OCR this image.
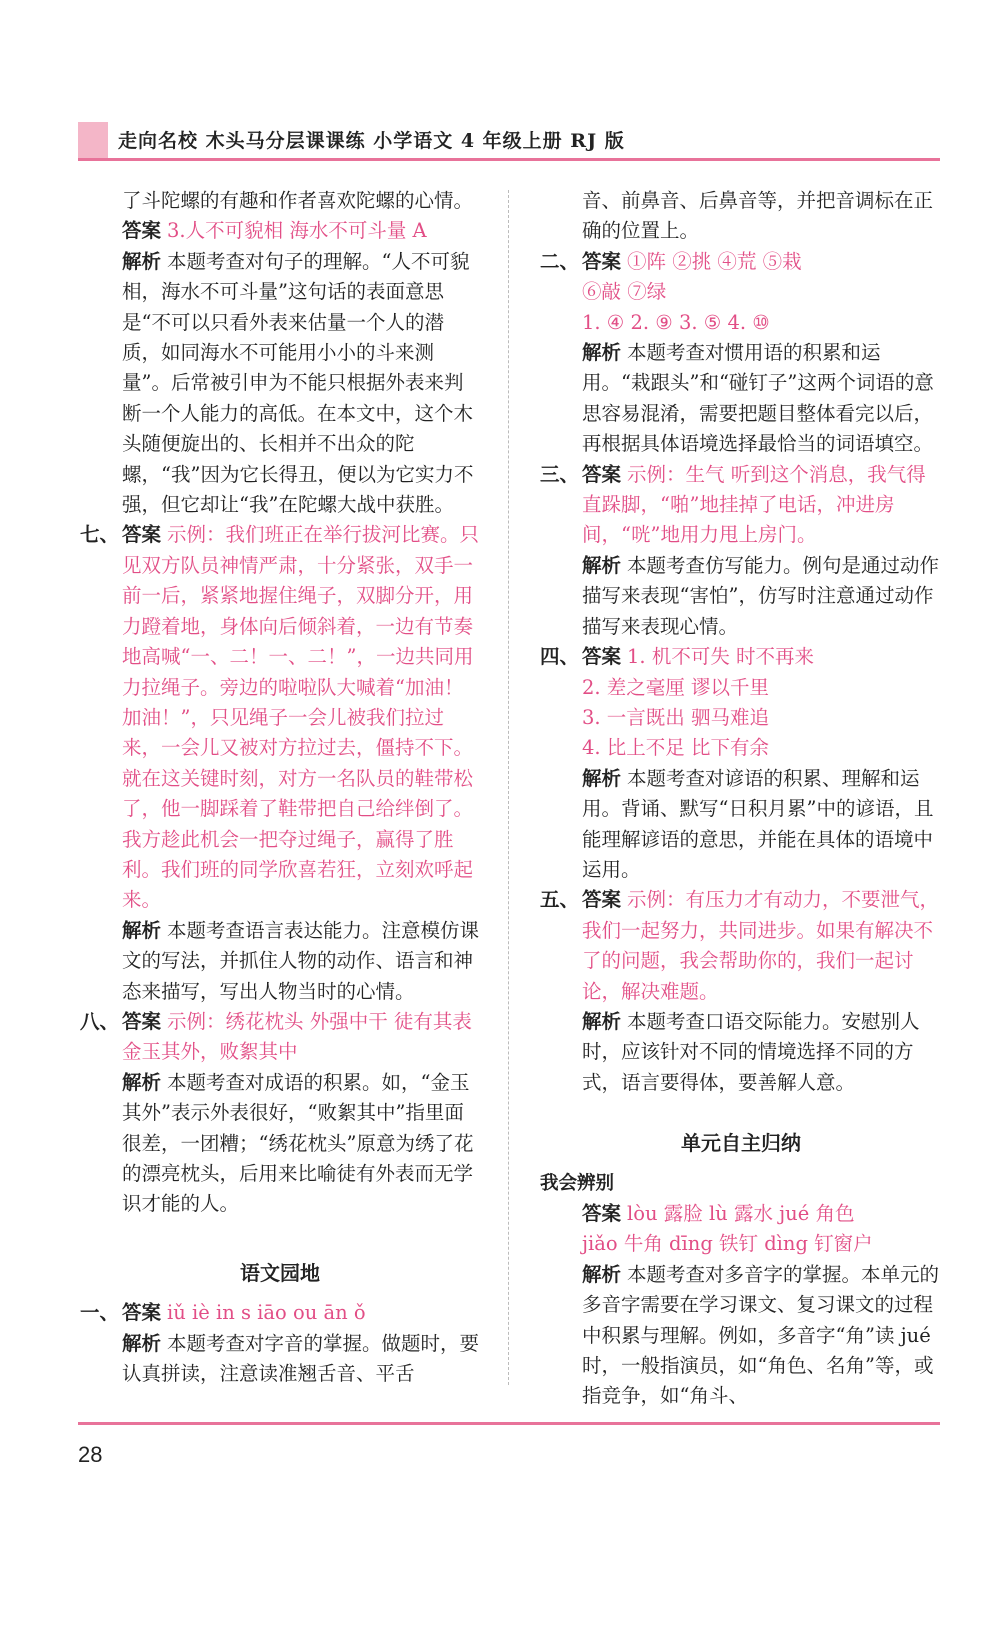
走向名校 木头马分层课课练 小学语文 4 年级上册 RJ 版

了斗陀螺的有趣和作者喜欢陀螺的心情。

答案 3.人不可貌相 海水不可斗量 A

解析 本题考查对句子的理解。“人不可貌相，海水不可斗量”这句话的表面意思是“不可以只看外表来估量一个人的潜质，如同海水不可能用小小的斗来测量”。后常被引申为不能只根据外表来判断一个人能力的高低。在本文中，这个木头随便旋出的、长相并不出众的陀螺，“我”因为它长得丑，便以为它实力不强，但它却让“我”在陀螺大战中获胜。

七、 答案 示例：我们班正在举行拔河比赛。只见双方队员神情严肃，十分紧张，双手一前一后，紧紧地握住绳子，双脚分开，用力蹬着地，身体向后倾斜着，一边有节奏地高喊“一、二！一、二！”，一边共同用力拉绳子。旁边的啦啦队大喊着“加油！加油！”，只见绳子一会儿被我们拉过来，一会儿又被对方拉过去，僵持不下。就在这关键时刻，对方一名队员的鞋带松了，他一脚踩着了鞋带把自己给绊倒了。我方趁此机会一把夺过绳子，赢得了胜利。我们班的同学欣喜若狂，立刻欢呼起来。

解析 本题考查语言表达能力。注意模仿课文的写法，并抓住人物的动作、语言和神态来描写，写出人物当时的心情。

八、 答案 示例：绣花枕头 外强中干 徒有其表 金玉其外，败絮其中

解析 本题考查对成语的积累。如，“金玉其外”表示外表很好，“败絮其中”指里面很差，一团糟；“绣花枕头”原意为绣了花的漂亮枕头，后用来比喻徒有外表而无学识才能的人。

语文园地

一、 答案 iǔ iè in s iāo ou ān ǒ

解析 本题考查对字音的掌握。做题时，要认真拼读，注意读准翘舌音、平舌

音、前鼻音、后鼻音等，并把音调标在正确的位置上。

二、 答案 ①阵 ②挑 ④荒 ⑤栽

⑥敲 ⑦绿

1. ④ 2. ⑨ 3. ⑤ 4. ⑩

解析 本题考查对惯用语的积累和运用。“栽跟头”和“碰钉子”这两个词语的意思容易混淆，需要把题目整体看完以后，再根据具体语境选择最恰当的词语填空。

三、 答案 示例：生气 听到这个消息，我气得直跺脚，“啪”地挂掉了电话，冲进房间，“咣”地用力甩上房门。

解析 本题考查仿写能力。例句是通过动作描写来表现“害怕”，仿写时注意通过动作描写来表现心情。

四、 答案 1. 机不可失 时不再来

2. 差之毫厘 谬以千里

3. 一言既出 驷马难追

4. 比上不足 比下有余

解析 本题考查对谚语的积累、理解和运用。背诵、默写“日积月累”中的谚语，且能理解谚语的意思，并能在具体的语境中运用。

五、 答案 示例：有压力才有动力，不要泄气，我们一起努力，共同进步。如果有解决不了的问题，我会帮助你的，我们一起讨论，解决难题。

解析 本题考查口语交际能力。安慰别人时，应该针对不同的情境选择不同的方式，语言要得体，要善解人意。

单元自主归纳

我会辨别

答案 lòu 露脸 lù 露水 jué 角色

jiǎo 牛角 dīng 铁钉 dìng 钉窗户

解析 本题考查对多音字的掌握。本单元的多音字需要在学习课文、复习课文的过程中积累与理解。例如，多音字“角”读 jué 时，一般指演员，如“角色、名角”等，或指竞争，如“角斗、

28
